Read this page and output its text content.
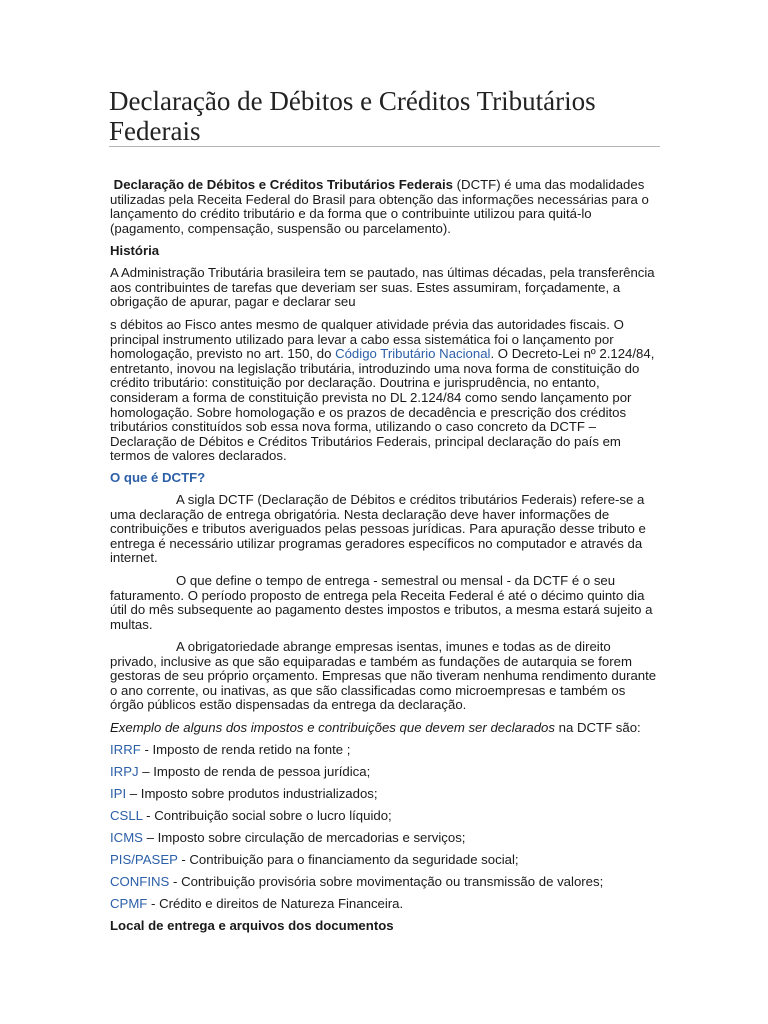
Declaração de Débitos e Créditos Tributários Federais

Declaração de Débitos e Créditos Tributários Federais (DCTF) é uma das modalidades utilizadas pela Receita Federal do Brasil para obtenção das informações necessárias para o lançamento do crédito tributário e da forma que o contribuinte utilizou para quitá-lo (pagamento, compensação, suspensão ou parcelamento).

História

A Administração Tributária brasileira tem se pautado, nas últimas décadas, pela transferência aos contribuintes de tarefas que deveriam ser suas. Estes assumiram, forçadamente, a obrigação de apurar, pagar e declarar seu

s débitos ao Fisco antes mesmo de qualquer atividade prévia das autoridades fiscais. O principal instrumento utilizado para levar a cabo essa sistemática foi o lançamento por homologação, previsto no art. 150, do Código Tributário Nacional. O Decreto-Lei nº 2.124/84, entretanto, inovou na legislação tributária, introduzindo uma nova forma de constituição do crédito tributário: constituição por declaração. Doutrina e jurisprudência, no entanto, consideram a forma de constituição prevista no DL 2.124/84 como sendo lançamento por homologação. Sobre homologação e os prazos de decadência e prescrição dos créditos tributários constituídos sob essa nova forma, utilizando o caso concreto da DCTF – Declaração de Débitos e Créditos Tributários Federais, principal declaração do país em termos de valores declarados.

O que é DCTF?

A sigla DCTF (Declaração de Débitos e créditos tributários Federais) refere-se a uma declaração de entrega obrigatória. Nesta declaração deve haver informações de contribuições e tributos averiguados pelas pessoas jurídicas. Para apuração desse tributo e entrega é necessário utilizar programas geradores específicos no computador e através da internet.

O que define o tempo de entrega - semestral ou mensal - da DCTF é o seu faturamento. O período proposto de entrega pela Receita Federal é até o décimo quinto dia útil do mês subsequente ao pagamento destes impostos e tributos, a mesma estará sujeito a multas.

A obrigatoriedade abrange empresas isentas, imunes e todas as de direito privado, inclusive as que são equiparadas e também as fundações de autarquia se forem gestoras de seu próprio orçamento. Empresas que não tiveram nenhuma rendimento durante o ano corrente, ou inativas, as que são classificadas como microempresas e também os órgão públicos estão dispensadas da entrega da declaração.

Exemplo de alguns dos impostos e contribuições que devem ser declarados na DCTF são:

IRRF - Imposto de renda retido na fonte ;

IRPJ – Imposto de renda de pessoa jurídica;

IPI – Imposto sobre produtos industrializados;

CSLL - Contribuição social sobre o lucro líquido;

ICMS – Imposto sobre circulação de mercadorias e serviços;

PIS/PASEP - Contribuição para o financiamento da seguridade social;

CONFINS - Contribuição provisória sobre movimentação ou transmissão de valores;

CPMF - Crédito e direitos de Natureza Financeira.

Local de entrega e arquivos dos documentos
